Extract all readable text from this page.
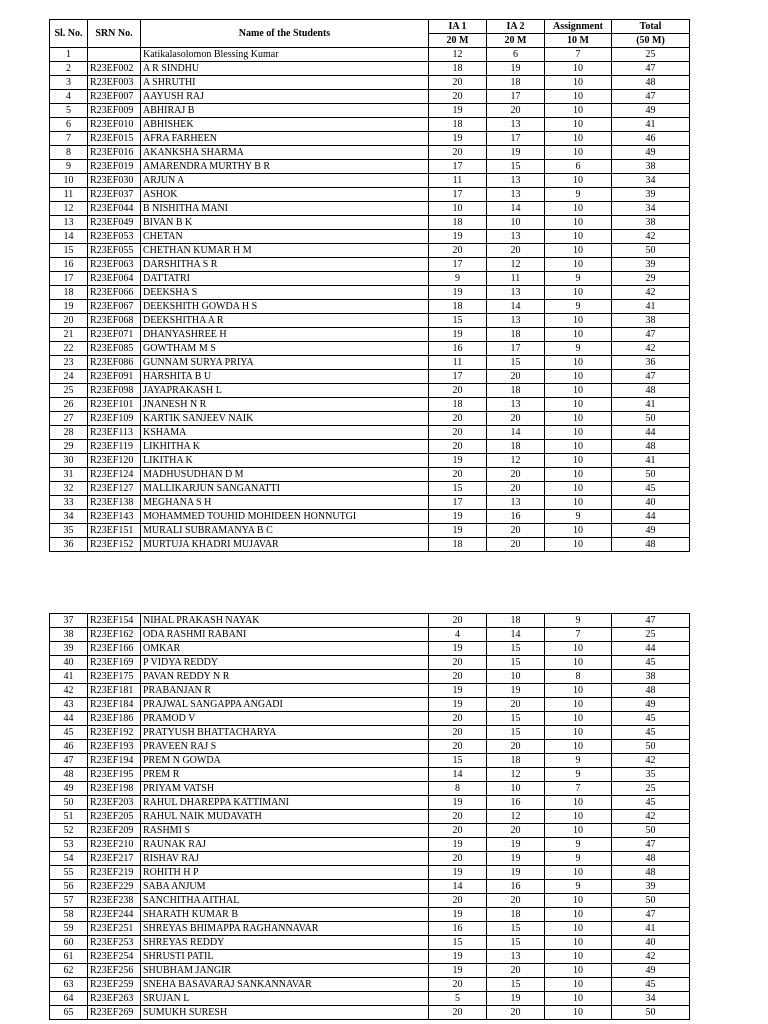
Sl. No.	SRN No.	Name of the Students	IA 1	IA 2	Assignment	Total
			20 M	20 M	10 M	(50 M)
1		Katikalasolomon Blessing Kumar	12	6	7	25
2	R23EF002	A R SINDHU	18	19	10	47
3	R23EF003	A SHRUTHI	20	18	10	48
4	R23EF007	AAYUSH RAJ	20	17	10	47
5	R23EF009	ABHIRAJ B	19	20	10	49
6	R23EF010	ABHISHEK	18	13	10	41
7	R23EF015	AFRA FARHEEN	19	17	10	46
8	R23EF016	AKANKSHA SHARMA	20	19	10	49
9	R23EF019	AMARENDRA MURTHY B R	17	15	6	38
10	R23EF030	ARJUN A	11	13	10	34
11	R23EF037	ASHOK	17	13	9	39
12	R23EF044	B NISHITHA MANI	10	14	10	34
13	R23EF049	BIVAN B K	18	10	10	38
14	R23EF053	CHETAN	19	13	10	42
15	R23EF055	CHETHAN KUMAR H M	20	20	10	50
16	R23EF063	DARSHITHA S R	17	12	10	39
17	R23EF064	DATTATRI	9	11	9	29
18	R23EF066	DEEKSHA S	19	13	10	42
19	R23EF067	DEEKSHITH GOWDA H S	18	14	9	41
20	R23EF068	DEEKSHITHA A R	15	13	10	38
21	R23EF071	DHANYASHREE H	19	18	10	47
22	R23EF085	GOWTHAM M S	16	17	9	42
23	R23EF086	GUNNAM SURYA PRIYA	11	15	10	36
24	R23EF091	HARSHITA B U	17	20	10	47
25	R23EF098	JAYAPRAKASH L	20	18	10	48
26	R23EF101	JNANESH N R	18	13	10	41
27	R23EF109	KARTIK SANJEEV NAIK	20	20	10	50
28	R23EF113	KSHAMA	20	14	10	44
29	R23EF119	LIKHITHA K	20	18	10	48
30	R23EF120	LIKITHA K	19	12	10	41
31	R23EF124	MADHUSUDHAN D M	20	20	10	50
32	R23EF127	MALLIKARJUN SANGANATTI	15	20	10	45
33	R23EF138	MEGHANA S H	17	13	10	40
34	R23EF143	MOHAMMED TOUHID MOHIDEEN HONNUTGI	19	16	9	44
35	R23EF151	MURALI SUBRAMANYA B C	19	20	10	49
36	R23EF152	MURTUJA KHADRI MUJAVAR	18	20	10	48
37	R23EF154	NIHAL PRAKASH NAYAK	20	18	9	47
38	R23EF162	ODA RASHMI RABANI	4	14	7	25
39	R23EF166	OMKAR	19	15	10	44
40	R23EF169	P VIDYA REDDY	20	15	10	45
41	R23EF175	PAVAN REDDY N R	20	10	8	38
42	R23EF181	PRABANJAN R	19	19	10	48
43	R23EF184	PRAJWAL SANGAPPA ANGADI	19	20	10	49
44	R23EF186	PRAMOD V	20	15	10	45
45	R23EF192	PRATYUSH BHATTACHARYA	20	15	10	45
46	R23EF193	PRAVEEN RAJ S	20	20	10	50
47	R23EF194	PREM N GOWDA	15	18	9	42
48	R23EF195	PREM R	14	12	9	35
49	R23EF198	PRIYAM VATSH	8	10	7	25
50	R23EF203	RAHUL DHAREPPA KATTIMANI	19	16	10	45
51	R23EF205	RAHUL NAIK MUDAVATH	20	12	10	42
52	R23EF209	RASHMI S	20	20	10	50
53	R23EF210	RAUNAK RAJ	19	19	9	47
54	R23EF217	RISHAV RAJ	20	19	9	48
55	R23EF219	ROHITH H P	19	19	10	48
56	R23EF229	SABA ANJUM	14	16	9	39
57	R23EF238	SANCHITHA AITHAL	20	20	10	50
58	R23EF244	SHARATH KUMAR B	19	18	10	47
59	R23EF251	SHREYAS BHIMAPPA RAGHANNAVAR	16	15	10	41
60	R23EF253	SHREYAS REDDY	15	15	10	40
61	R23EF254	SHRUSTI PATIL	19	13	10	42
62	R23EF256	SHUBHAM JANGIR	19	20	10	49
63	R23EF259	SNEHA BASAVARAJ SANKANNAVAR	20	15	10	45
64	R23EF263	SRUJAN L	5	19	10	34
65	R23EF269	SUMUKH SURESH	20	20	10	50
